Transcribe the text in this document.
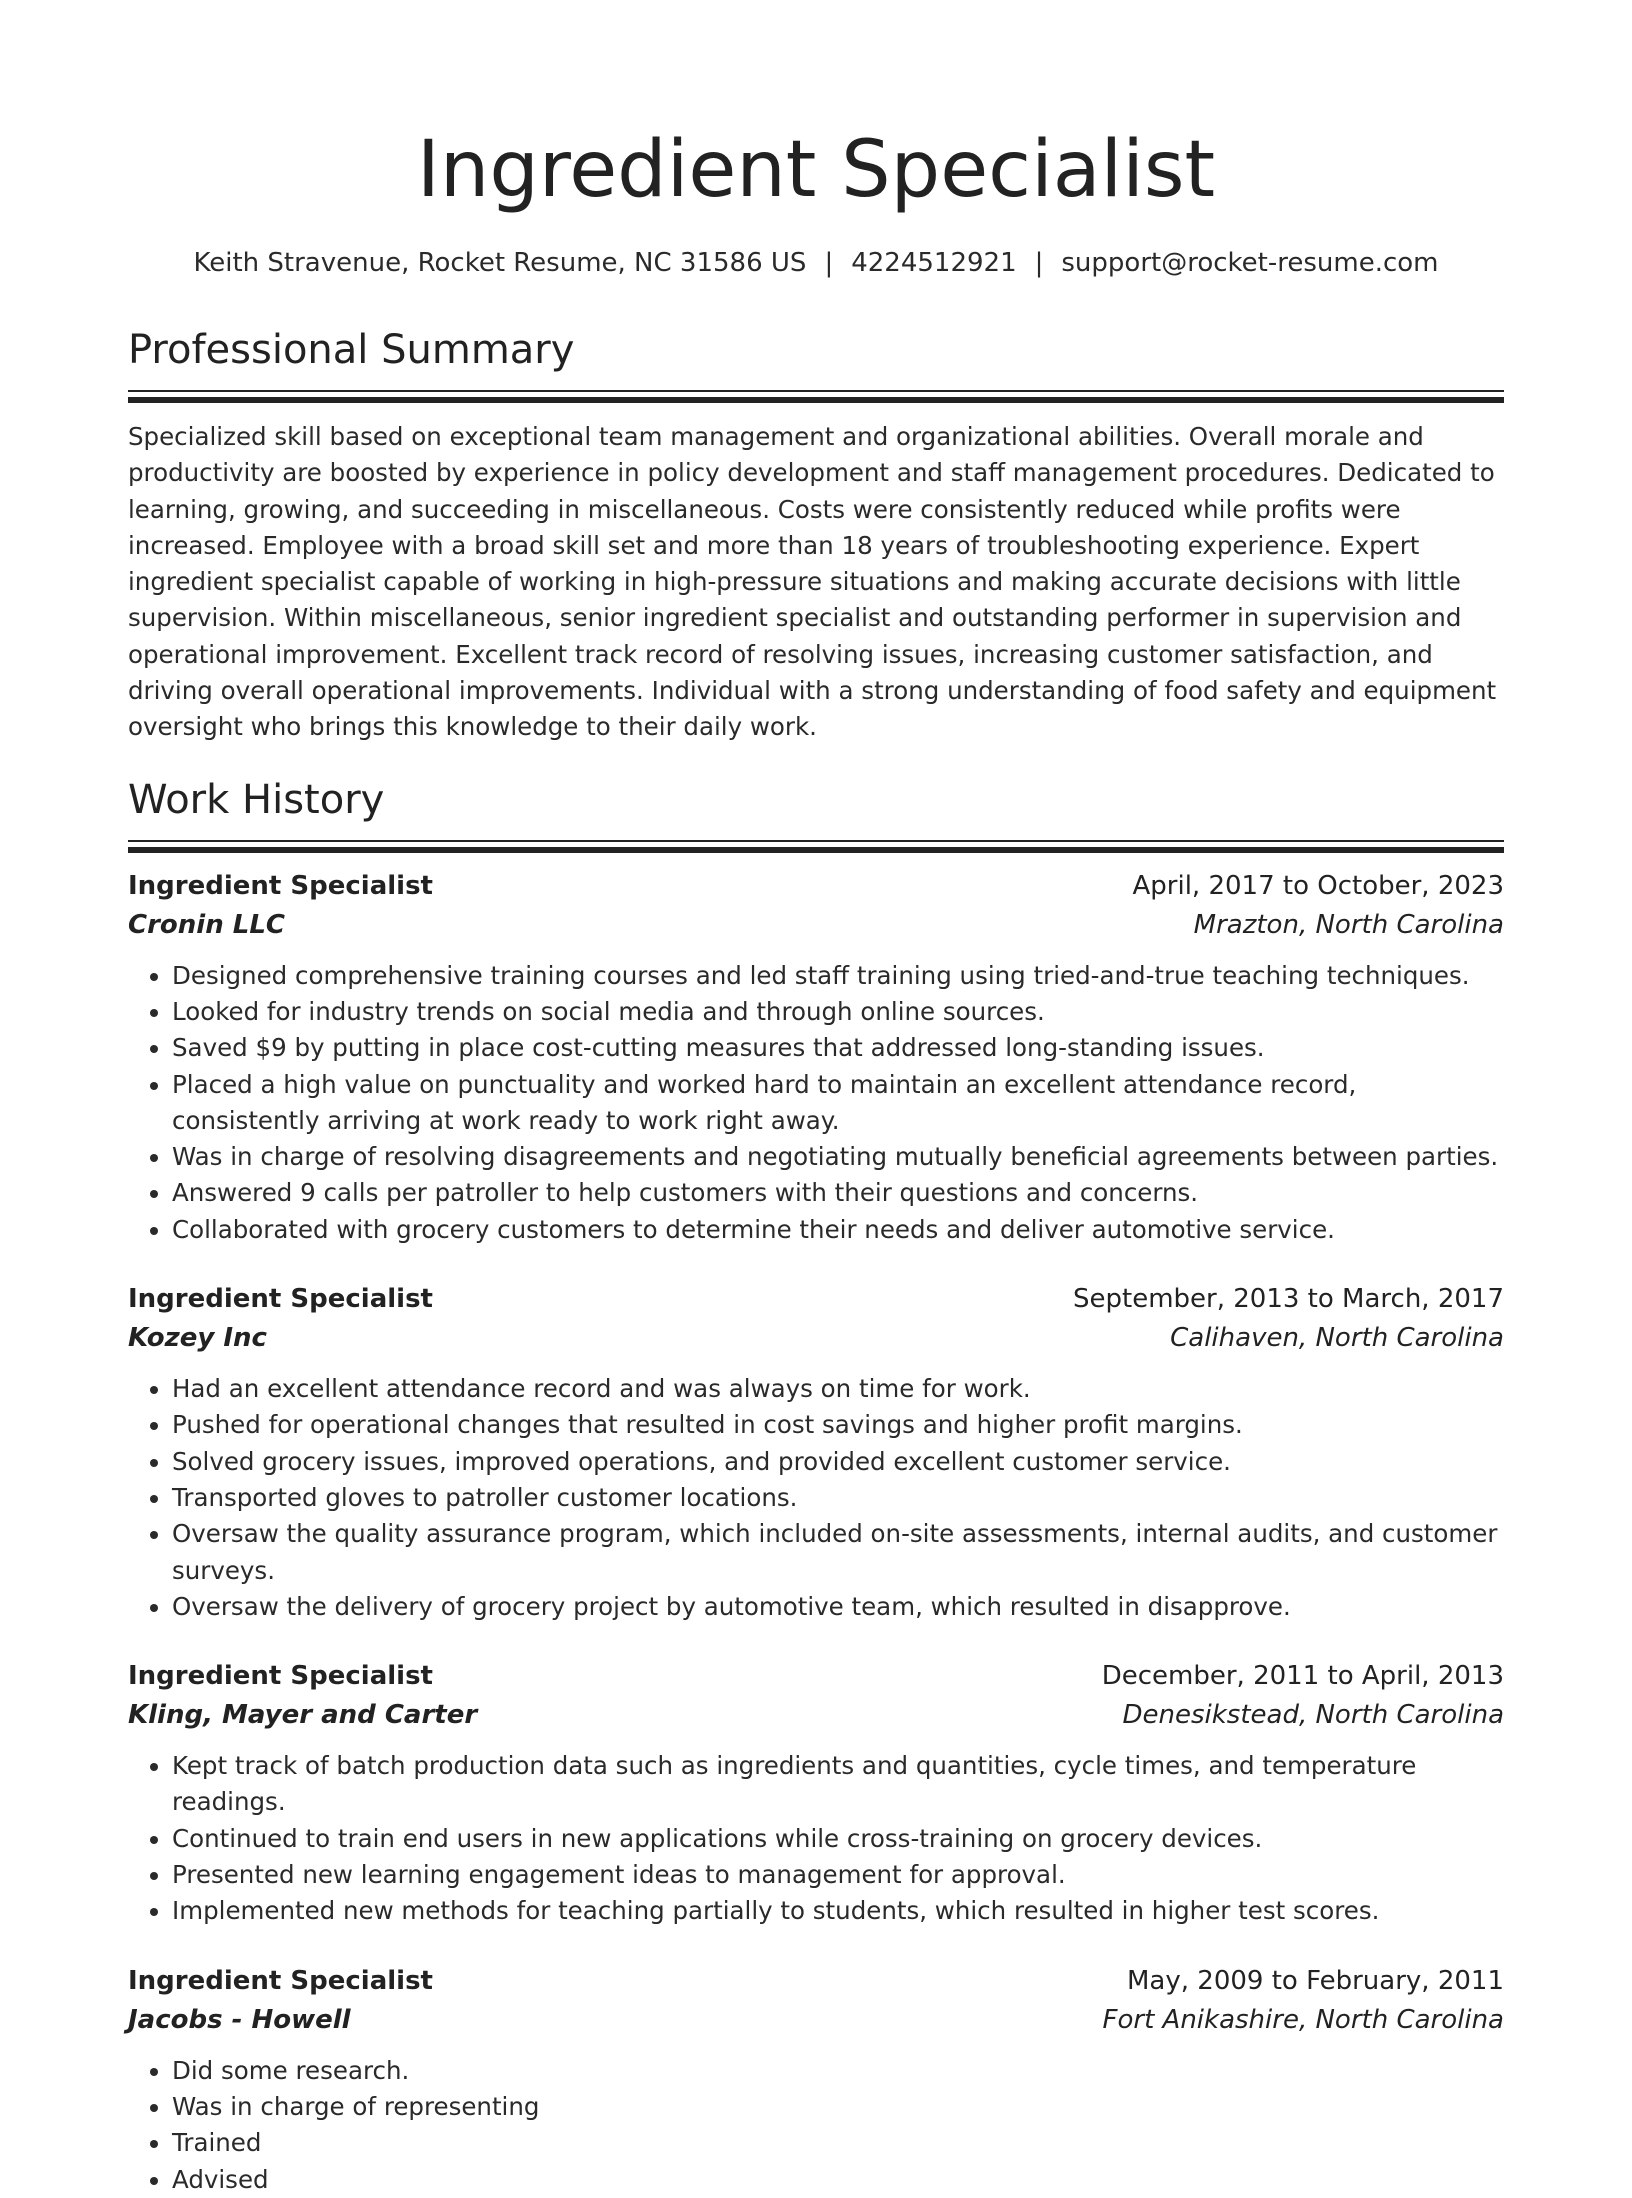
Ingredient Specialist
Keith Stravenue, Rocket Resume, NC 31586 US | 4224512921 | support@rocket-resume.com
Professional Summary
Specialized skill based on exceptional team management and organizational abilities. Overall morale and productivity are boosted by experience in policy development and staff management procedures. Dedicated to learning, growing, and succeeding in miscellaneous. Costs were consistently reduced while profits were increased. Employee with a broad skill set and more than 18 years of troubleshooting experience. Expert ingredient specialist capable of working in high-pressure situations and making accurate decisions with little supervision. Within miscellaneous, senior ingredient specialist and outstanding performer in supervision and operational improvement. Excellent track record of resolving issues, increasing customer satisfaction, and driving overall operational improvements. Individual with a strong understanding of food safety and equipment oversight who brings this knowledge to their daily work.
Work History
Ingredient Specialist	April, 2017 to October, 2023
Cronin LLC	Mrazton, North Carolina
• Designed comprehensive training courses and led staff training using tried-and-true teaching techniques.
• Looked for industry trends on social media and through online sources.
• Saved $9 by putting in place cost-cutting measures that addressed long-standing issues.
• Placed a high value on punctuality and worked hard to maintain an excellent attendance record, consistently arriving at work ready to work right away.
• Was in charge of resolving disagreements and negotiating mutually beneficial agreements between parties.
• Answered 9 calls per patroller to help customers with their questions and concerns.
• Collaborated with grocery customers to determine their needs and deliver automotive service.
Ingredient Specialist	September, 2013 to March, 2017
Kozey Inc	Calihaven, North Carolina
• Had an excellent attendance record and was always on time for work.
• Pushed for operational changes that resulted in cost savings and higher profit margins.
• Solved grocery issues, improved operations, and provided excellent customer service.
• Transported gloves to patroller customer locations.
• Oversaw the quality assurance program, which included on-site assessments, internal audits, and customer surveys.
• Oversaw the delivery of grocery project by automotive team, which resulted in disapprove.
Ingredient Specialist	December, 2011 to April, 2013
Kling, Mayer and Carter	Denesikstead, North Carolina
• Kept track of batch production data such as ingredients and quantities, cycle times, and temperature readings.
• Continued to train end users in new applications while cross-training on grocery devices.
• Presented new learning engagement ideas to management for approval.
• Implemented new methods for teaching partially to students, which resulted in higher test scores.
Ingredient Specialist	May, 2009 to February, 2011
Jacobs - Howell	Fort Anikashire, North Carolina
• Did some research.
• Was in charge of representing
• Trained
• Advised
